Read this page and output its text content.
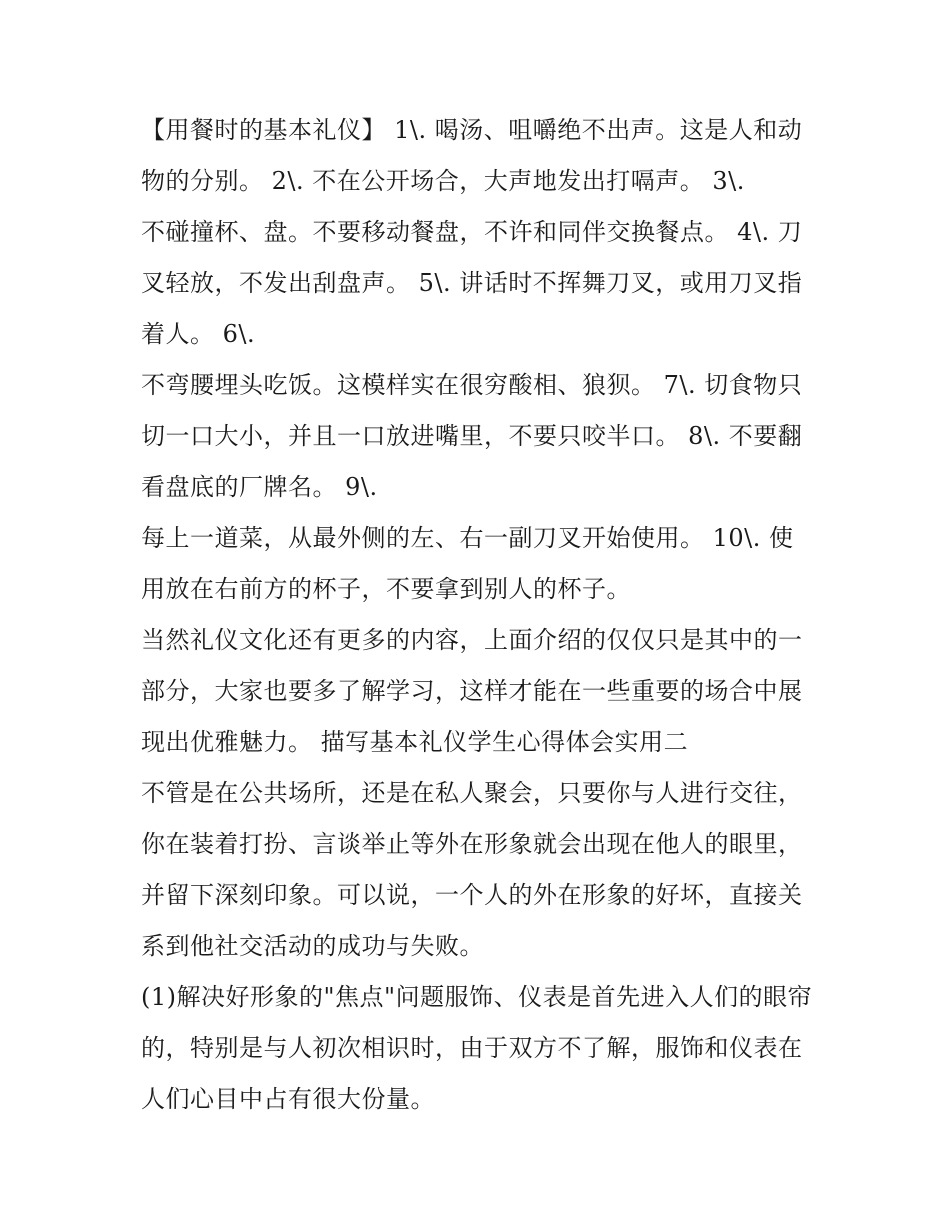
【用餐时的基本礼仪】 1\. 喝汤、咀嚼绝不出声。这是人和动
物的分别。 2\. 不在公开场合，大声地发出打嗝声。 3\.
不碰撞杯、盘。不要移动餐盘，不许和同伴交换餐点。 4\. 刀
叉轻放，不发出刮盘声。 5\. 讲话时不挥舞刀叉，或用刀叉指
着人。 6\.
不弯腰埋头吃饭。这模样实在很穷酸相、狼狈。 7\. 切食物只
切一口大小，并且一口放进嘴里，不要只咬半口。 8\. 不要翻
看盘底的厂牌名。 9\.
每上一道菜，从最外侧的左、右一副刀叉开始使用。 10\. 使
用放在右前方的杯子，不要拿到别人的杯子。
当然礼仪文化还有更多的内容，上面介绍的仅仅只是其中的一
部分，大家也要多了解学习，这样才能在一些重要的场合中展
现出优雅魅力。 描写基本礼仪学生心得体会实用二
不管是在公共场所，还是在私人聚会，只要你与人进行交往，
你在装着打扮、言谈举止等外在形象就会出现在他人的眼里，
并留下深刻印象。可以说，一个人的外在形象的好坏，直接关
系到他社交活动的成功与失败。
(1)解决好形象的"焦点"问题服饰、仪表是首先进入人们的眼帘
的，特别是与人初次相识时，由于双方不了解，服饰和仪表在
人们心目中占有很大份量。
